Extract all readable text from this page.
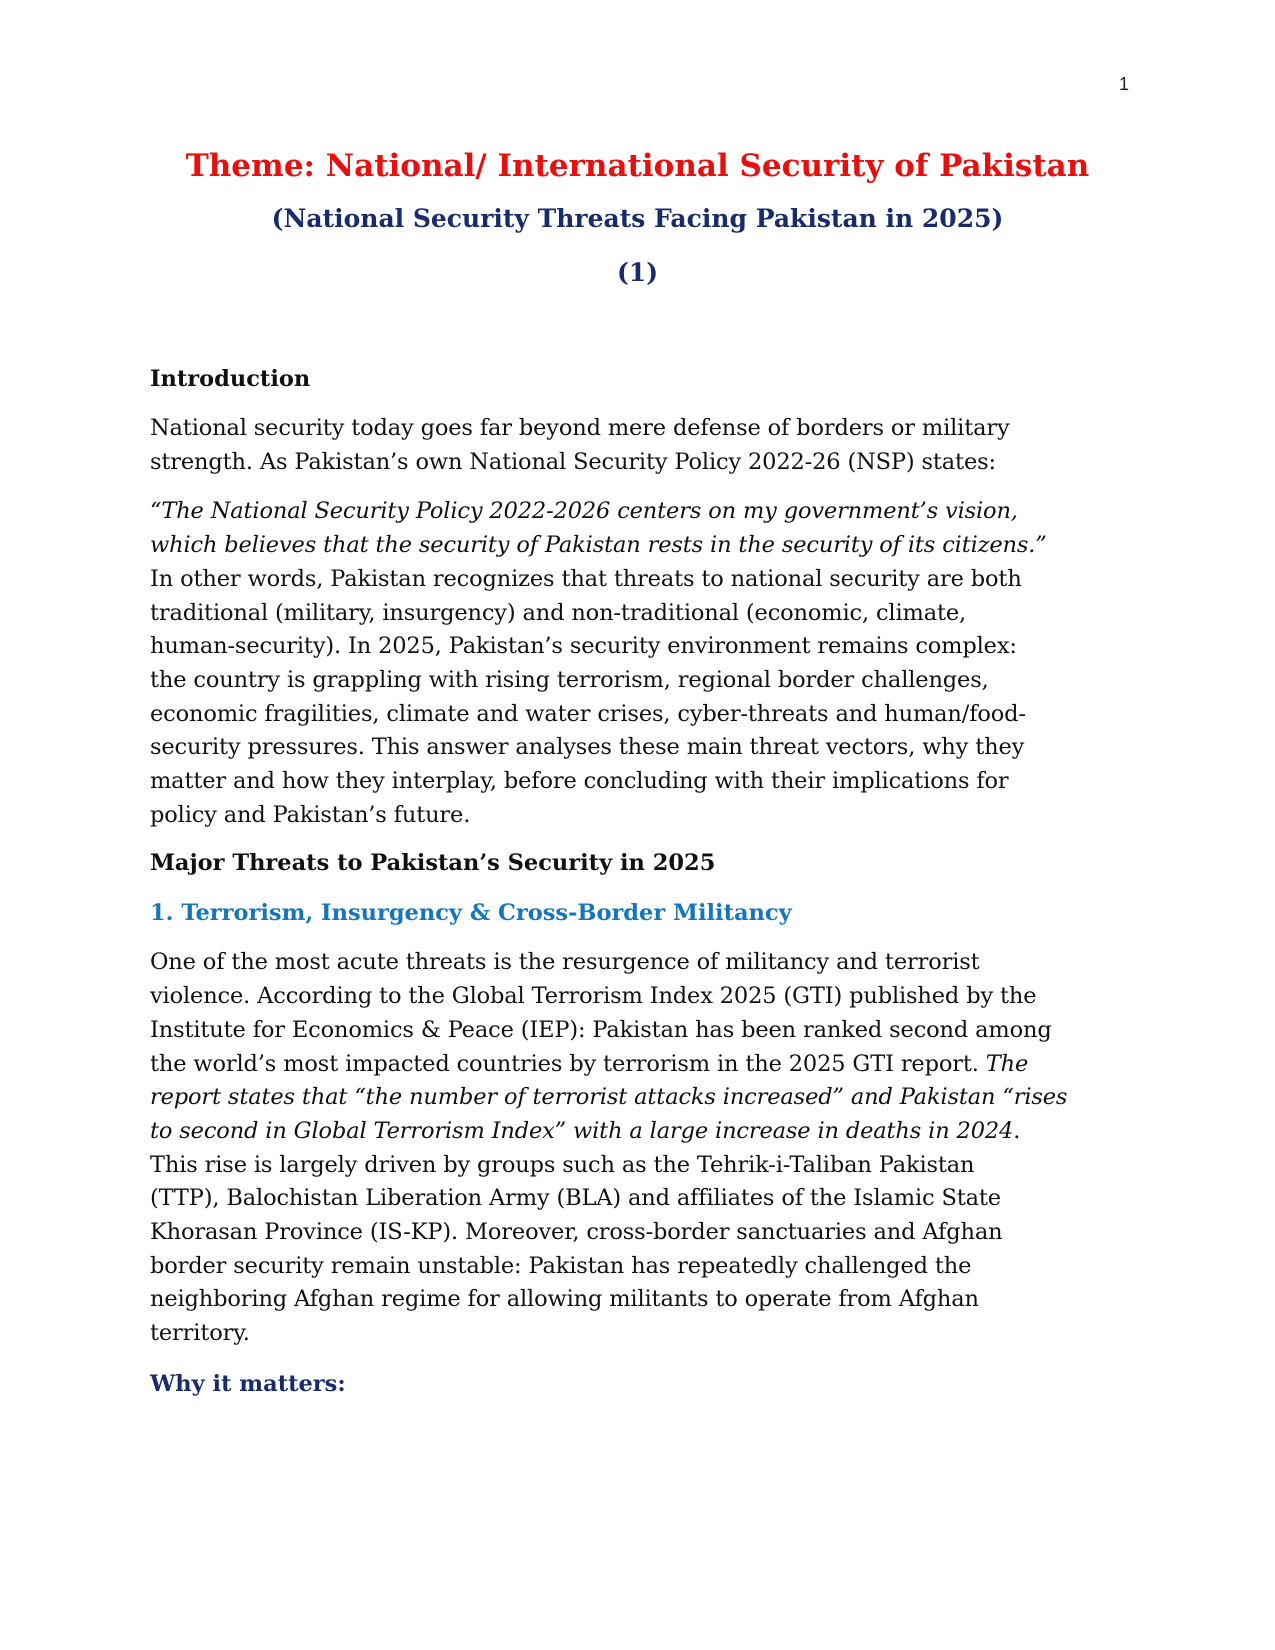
1
Theme: National/ International Security of Pakistan
(National Security Threats Facing Pakistan in 2025)
(1)
Introduction

National security today goes far beyond mere defense of borders or military
strength. As Pakistan’s own National Security Policy 2022-26 (NSP) states:

“The National Security Policy 2022-2026 centers on my government’s vision,
which believes that the security of Pakistan rests in the security of its citizens.”
In other words, Pakistan recognizes that threats to national security are both
traditional (military, insurgency) and non-traditional (economic, climate,
human-security). In 2025, Pakistan’s security environment remains complex:
the country is grappling with rising terrorism, regional border challenges,
economic fragilities, climate and water crises, cyber-threats and human/food-
security pressures. This answer analyses these main threat vectors, why they
matter and how they interplay, before concluding with their implications for
policy and Pakistan’s future.

Major Threats to Pakistan’s Security in 2025
1. Terrorism, Insurgency & Cross-Border Militancy

One of the most acute threats is the resurgence of militancy and terrorist
violence. According to the Global Terrorism Index 2025 (GTI) published by the
Institute for Economics & Peace (IEP): Pakistan has been ranked second among
the world’s most impacted countries by terrorism in the 2025 GTI report. The
report states that “the number of terrorist attacks increased” and Pakistan “rises
to second in Global Terrorism Index” with a large increase in deaths in 2024.
This rise is largely driven by groups such as the Tehrik-i-Taliban Pakistan
(TTP), Balochistan Liberation Army (BLA) and affiliates of the Islamic State
Khorasan Province (IS-KP). Moreover, cross-border sanctuaries and Afghan
border security remain unstable: Pakistan has repeatedly challenged the
neighboring Afghan regime for allowing militants to operate from Afghan
territory.

Why it matters:
